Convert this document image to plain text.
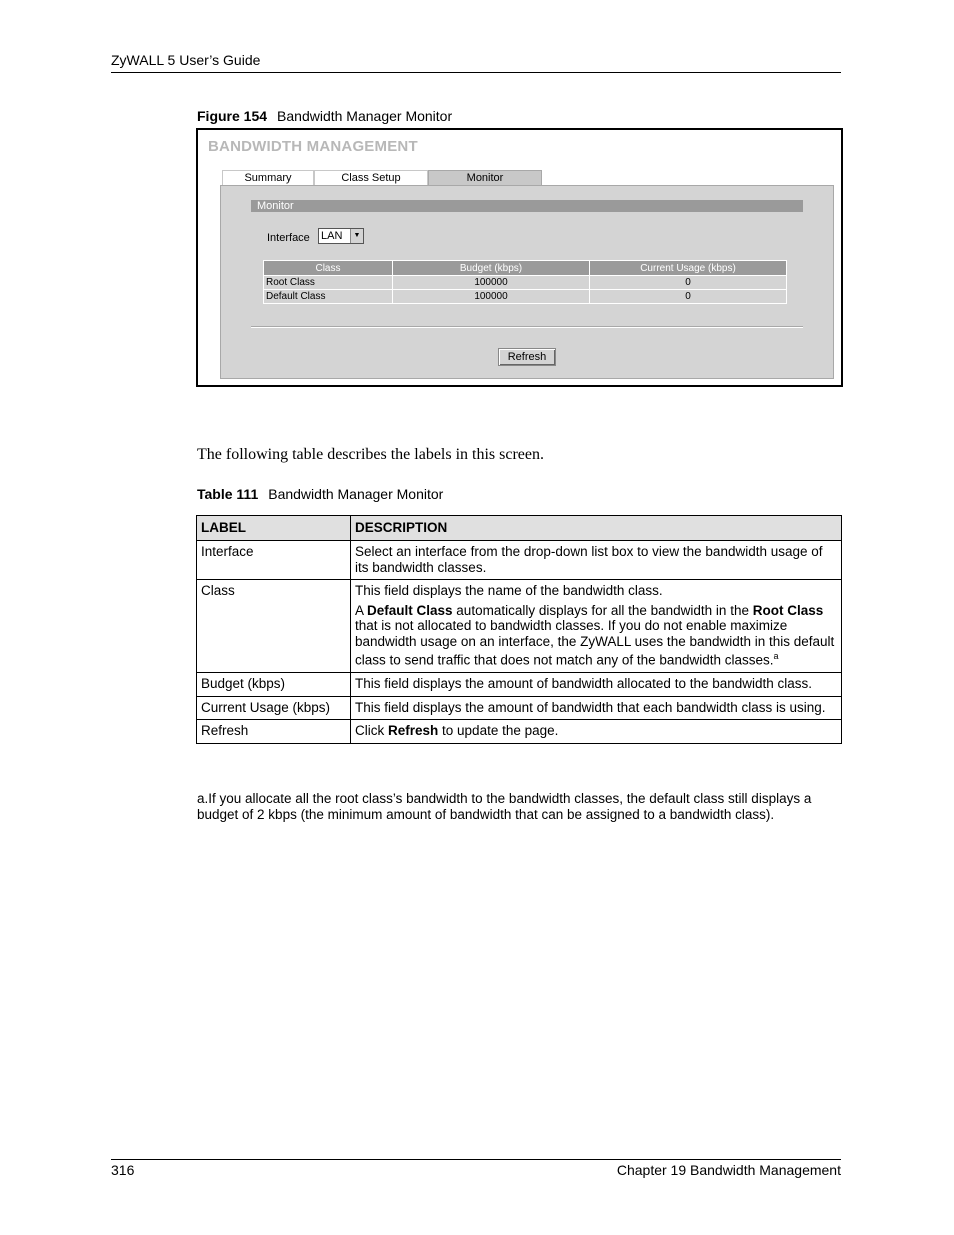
ZyWALL 5 User’s Guide
Figure 154 Bandwidth Manager Monitor
BANDWIDTH MANAGEMENT
Summary	Class Setup	Monitor
Monitor
Interface LAN	▼
Class	Budget (kbps)	Current Usage (kbps)
Root Class	100000	0
Default Class	100000	0
Refresh
The following table describes the labels in this screen.
Table 111 Bandwidth Manager Monitor
LABEL	DESCRIPTION
Interface	Select an interface from the drop-down list box to view the bandwidth usage of its bandwidth classes.
Class	This field displays the name of the bandwidth class.

A Default Class automatically displays for all the bandwidth in the Root Class that is not allocated to bandwidth classes. If you do not enable maximize bandwidth usage on an interface, the ZyWALL uses the bandwidth in this default class to send traffic that does not match any of the bandwidth classes.$^a$

Budget (kbps)	This field displays the amount of bandwidth allocated to the bandwidth class.
Current Usage (kbps)	This field displays the amount of bandwidth that each bandwidth class is using.
Refresh	Click Refresh to update the page.
a.If you allocate all the root class’s bandwidth to the bandwidth classes, the default class still displays a budget of 2 kbps (the minimum amount of bandwidth that can be assigned to a bandwidth class).
316	Chapter 19 Bandwidth Management
